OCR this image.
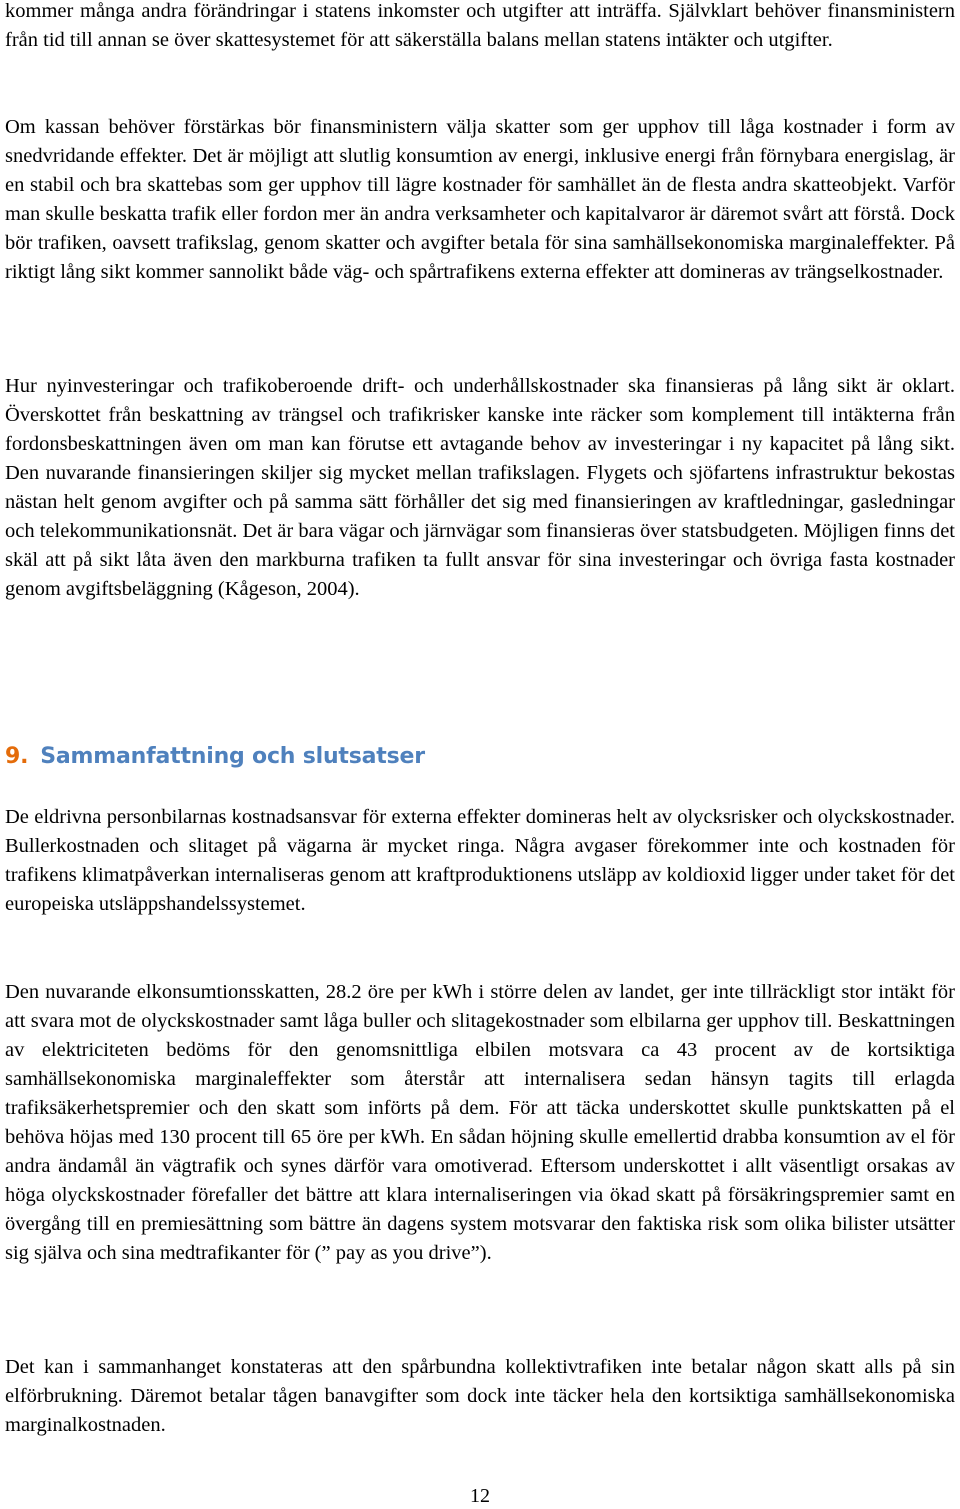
kommer många andra förändringar i statens inkomster och utgifter att inträffa. Självklart behöver finansministern från tid till annan se över skattesystemet för att säkerställa balans mellan statens intäkter och utgifter.

Om kassan behöver förstärkas bör finansministern välja skatter som ger upphov till låga kostnader i form av snedvridande effekter. Det är möjligt att slutlig konsumtion av energi, inklusive energi från förnybara energislag, är en stabil och bra skattebas som ger upphov till lägre kostnader för samhället än de flesta andra skatteobjekt. Varför man skulle beskatta trafik eller fordon mer än andra verksamheter och kapitalvaror är däremot svårt att förstå. Dock bör trafiken, oavsett trafikslag, genom skatter och avgifter betala för sina samhällsekonomiska marginaleffekter. På riktigt lång sikt kommer sannolikt både väg- och spårtrafikens externa effekter att domineras av trängselkostnader.

Hur nyinvesteringar och trafikoberoende drift- och underhållskostnader ska finansieras på lång sikt är oklart. Överskottet från beskattning av trängsel och trafikrisker kanske inte räcker som komplement till intäkterna från fordonsbeskattningen även om man kan förutse ett avtagande behov av investeringar i ny kapacitet på lång sikt. Den nuvarande finansieringen skiljer sig mycket mellan trafikslagen. Flygets och sjöfartens infrastruktur bekostas nästan helt genom avgifter och på samma sätt förhåller det sig med finansieringen av kraftledningar, gasledningar och telekommunikationsnät. Det är bara vägar och järnvägar som finansieras över statsbudgeten. Möjligen finns det skäl att på sikt låta även den markburna trafiken ta fullt ansvar för sina investeringar och övriga fasta kostnader genom avgiftsbeläggning (Kågeson, 2004).

9. Sammanfattning och slutsatser

De eldrivna personbilarnas kostnadsansvar för externa effekter domineras helt av olycksrisker och olyckskostnader. Bullerkostnaden och slitaget på vägarna är mycket ringa. Några avgaser förekommer inte och kostnaden för trafikens klimatpåverkan internaliseras genom att kraftproduktionens utsläpp av koldioxid ligger under taket för det europeiska utsläppshandelssystemet.

Den nuvarande elkonsumtionsskatten, 28.2 öre per kWh i större delen av landet, ger inte tillräckligt stor intäkt för att svara mot de olyckskostnader samt låga buller och slitagekostnader som elbilarna ger upphov till. Beskattningen av elektriciteten bedöms för den genomsnittliga elbilen motsvara ca 43 procent av de kortsiktiga samhällsekonomiska marginaleffekter som återstår att internalisera sedan hänsyn tagits till erlagda trafiksäkerhetspremier och den skatt som införts på dem. För att täcka underskottet skulle punktskatten på el behöva höjas med 130 procent till 65 öre per kWh. En sådan höjning skulle emellertid drabba konsumtion av el för andra ändamål än vägtrafik och synes därför vara omotiverad. Eftersom underskottet i allt väsentligt orsakas av höga olyckskostnader förefaller det bättre att klara internaliseringen via ökad skatt på försäkringspremier samt en övergång till en premiesättning som bättre än dagens system motsvarar den faktiska risk som olika bilister utsätter sig själva och sina medtrafikanter för (” pay as you drive”).

Det kan i sammanhanget konstateras att den spårbundna kollektivtrafiken inte betalar någon skatt alls på sin elförbrukning. Däremot betalar tågen banavgifter som dock inte täcker hela den kortsiktiga samhällsekonomiska marginalkostnaden.

12
